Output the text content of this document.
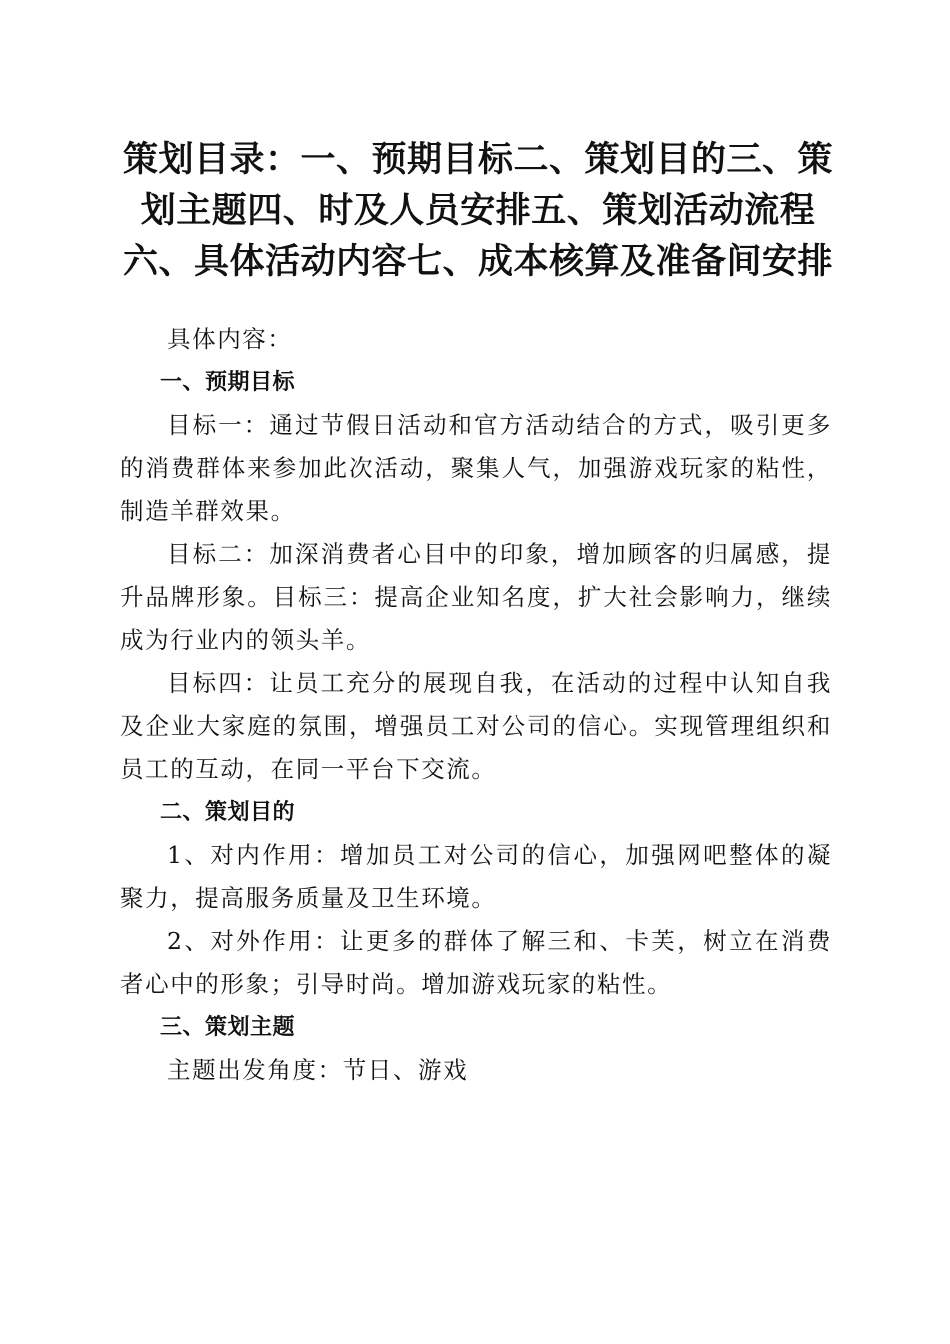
策划目录：一、预期目标二、策划目的三、策划主题四、时及人员安排五、策划活动流程六、具体活动内容七、成本核算及准备间安排

具体内容：

一、预期目标

目标一：通过节假日活动和官方活动结合的方式，吸引更多的消费群体来参加此次活动，聚集人气，加强游戏玩家的粘性，制造羊群效果。

目标二：加深消费者心目中的印象，增加顾客的归属感，提升品牌形象。目标三：提高企业知名度，扩大社会影响力，继续成为行业内的领头羊。

目标四：让员工充分的展现自我，在活动的过程中认知自我及企业大家庭的氛围，增强员工对公司的信心。实现管理组织和员工的互动，在同一平台下交流。

二、策划目的

1、对内作用：增加员工对公司的信心，加强网吧整体的凝聚力，提高服务质量及卫生环境。

2、对外作用：让更多的群体了解三和、卡芙，树立在消费者心中的形象；引导时尚。增加游戏玩家的粘性。

三、策划主题

主题出发角度：节日、游戏
